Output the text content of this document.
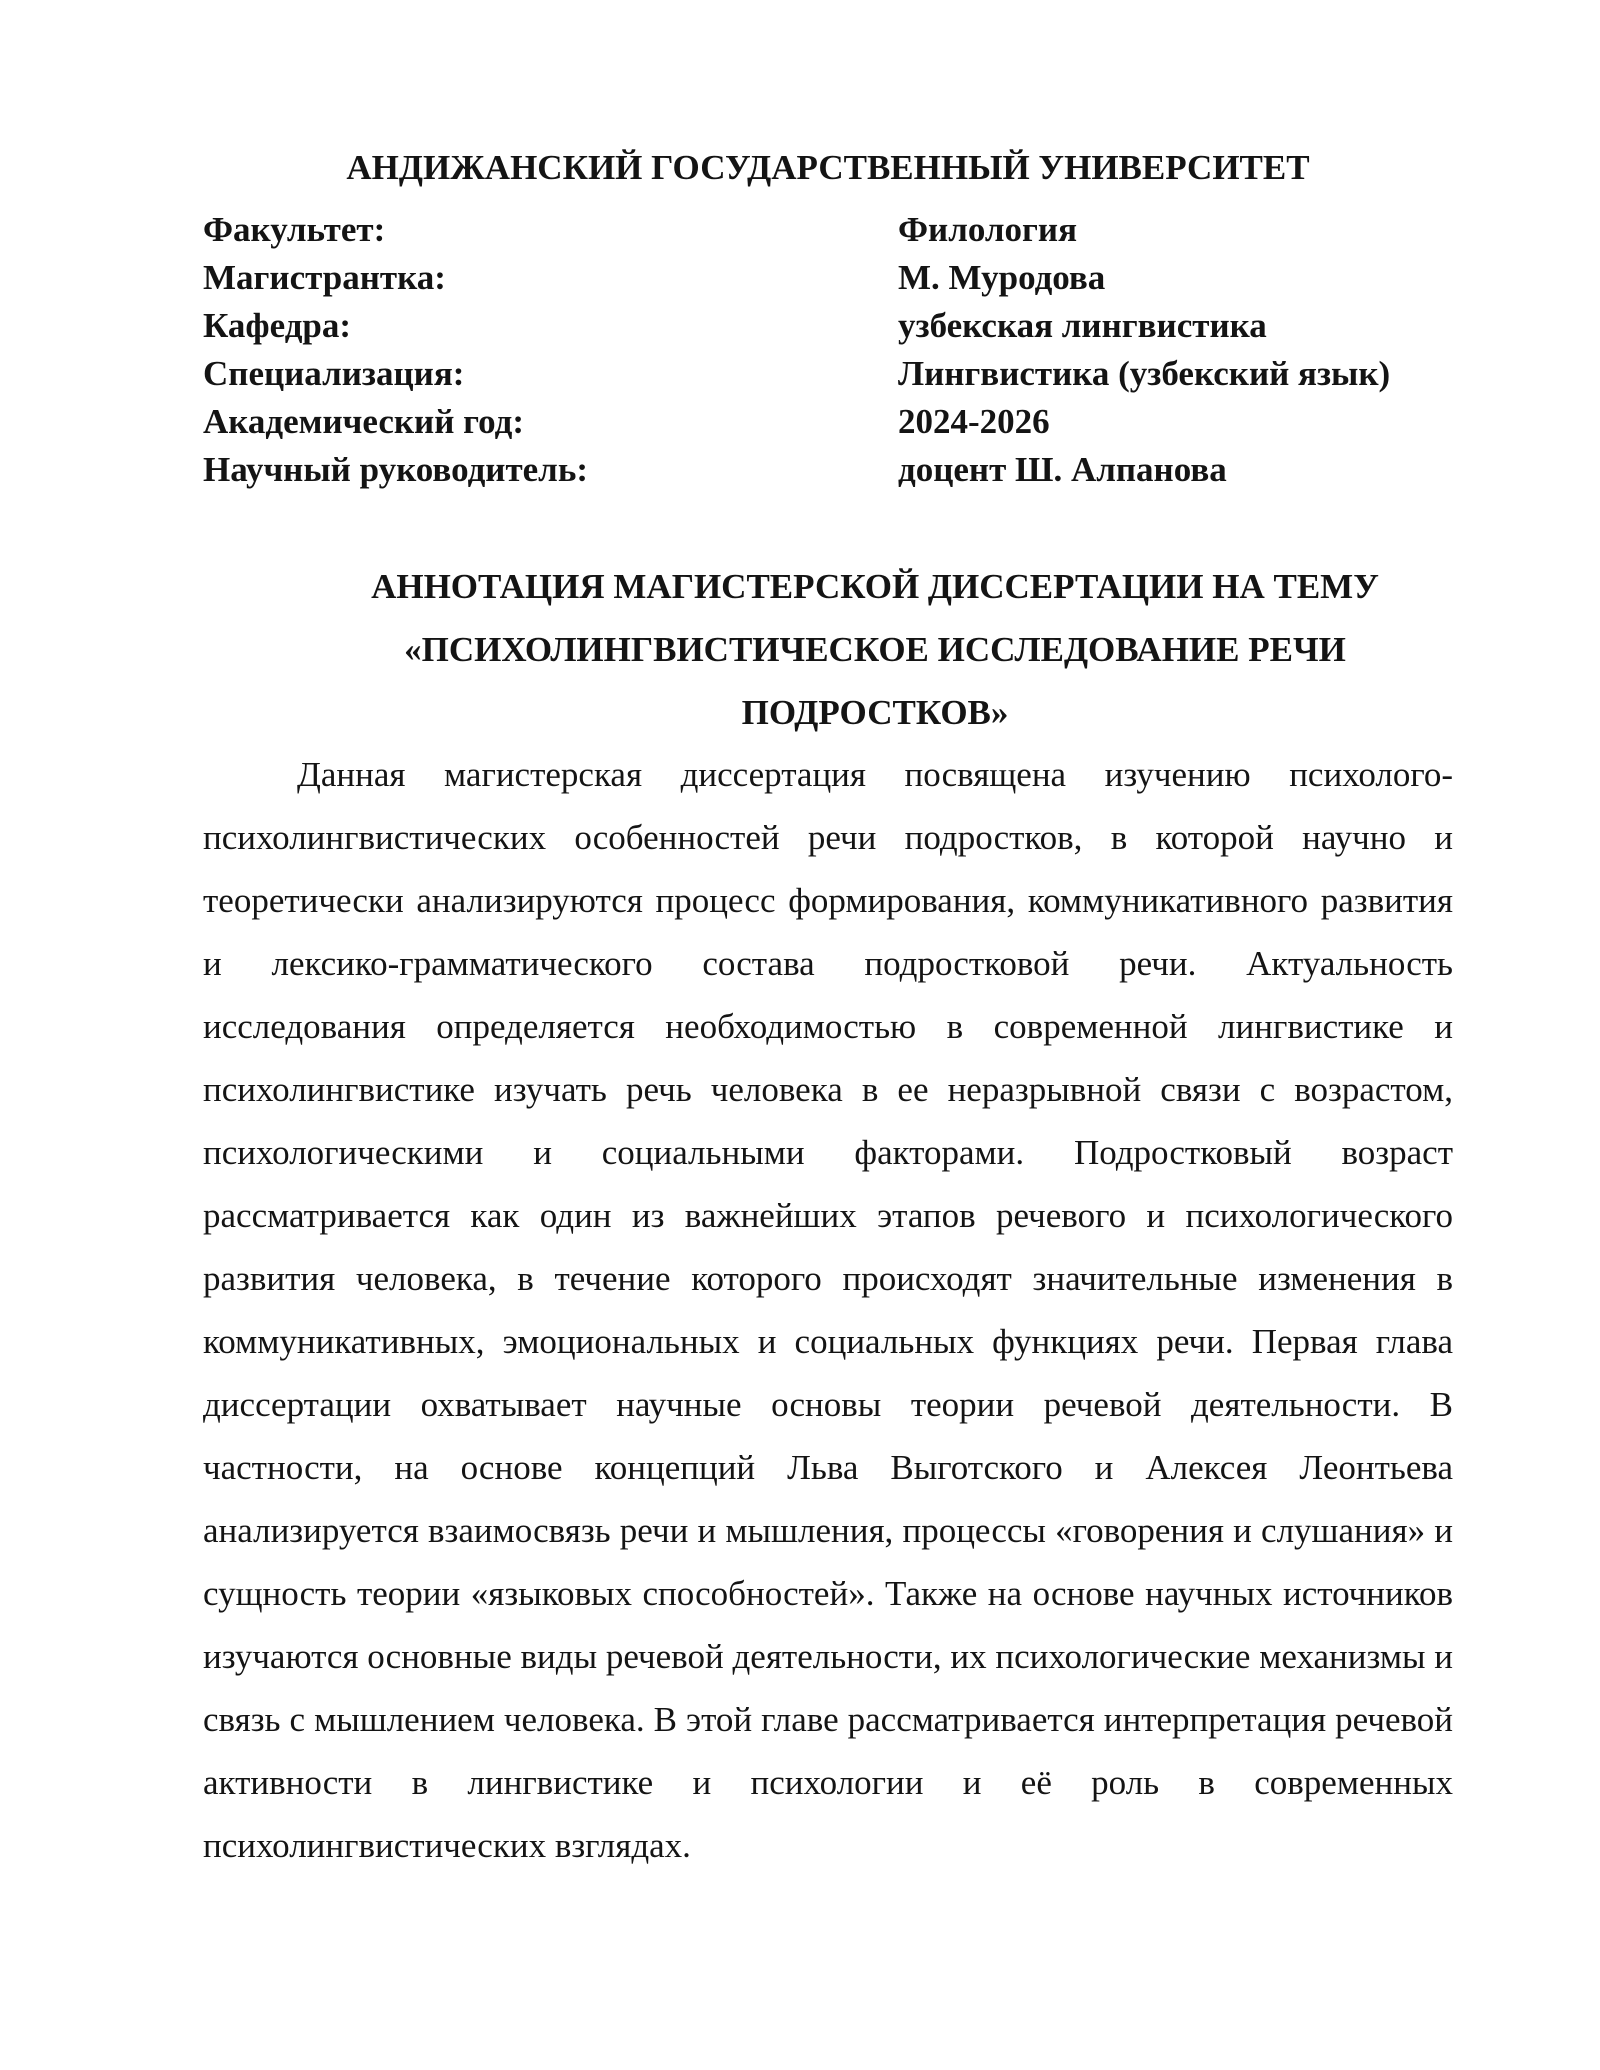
АНДИЖАНСКИЙ ГОСУДАРСТВЕННЫЙ УНИВЕРСИТЕТ
Факультет:	Филология
Магистрантка:	М. Муродова
Кафедра:	узбекская лингвистика
Специализация:	Лингвистика (узбекский язык)
Академический год:	2024-2026
Научный руководитель:	доцент Ш. Алпанова
АННОТАЦИЯ МАГИСТЕРСКОЙ ДИССЕРТАЦИИ НА ТЕМУ
«ПСИХОЛИНГВИСТИЧЕСКОЕ ИССЛЕДОВАНИЕ РЕЧИ
ПОДРОСТКОВ»

Данная магистерская диссертация посвящена изучению психолого-психолингвистических особенностей речи подростков, в которой научно и теоретически анализируются процесс формирования, коммуникативного развития и лексико-грамматического состава подростковой речи. Актуальность исследования определяется необходимостью в современной лингвистике и психолингвистике изучать речь человека в ее неразрывной связи с возрастом, психологическими и социальными факторами. Подростковый возраст рассматривается как один из важнейших этапов речевого и психологического развития человека, в течение которого происходят значительные изменения в коммуникативных, эмоциональных и социальных функциях речи. Первая глава диссертации охватывает научные основы теории речевой деятельности. В частности, на основе концепций Льва Выготского и Алексея Леонтьева анализируется взаимосвязь речи и мышления, процессы «говорения и слушания» и сущность теории «языковых способностей». Также на основе научных источников изучаются основные виды речевой деятельности, их психологические механизмы и связь с мышлением человека. В этой главе рассматривается интерпретация речевой активности в лингвистике и психологии и её роль в современных психолингвистических взглядах.
